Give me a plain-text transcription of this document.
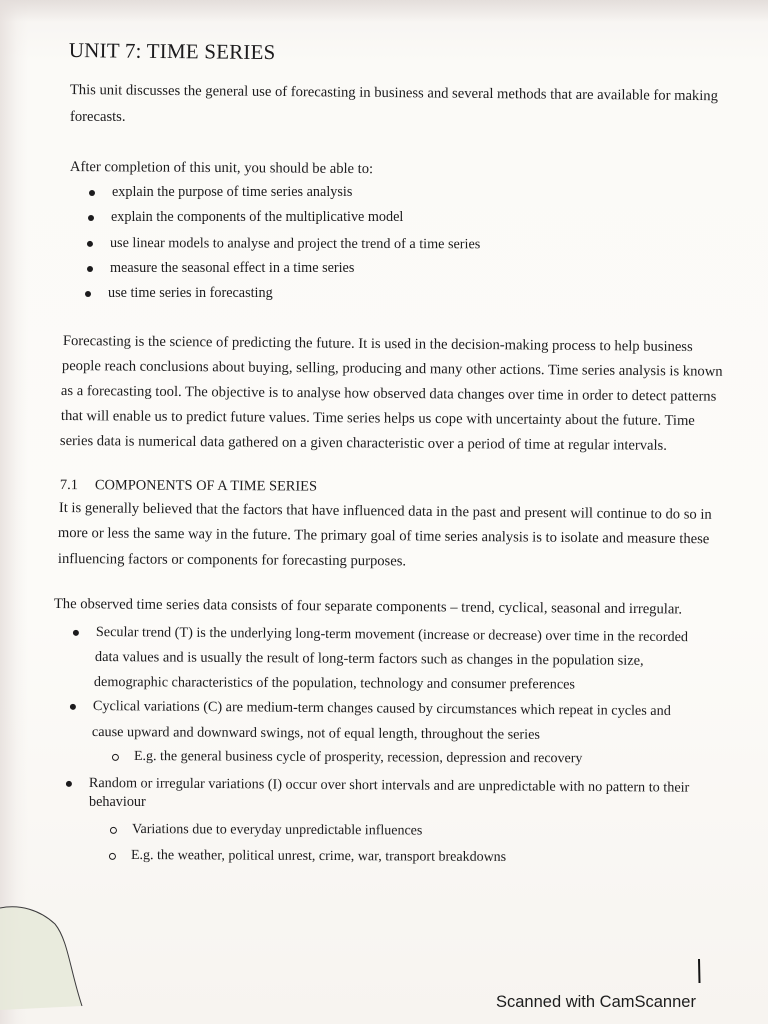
UNIT 7: TIME SERIES
This unit discusses the general use of forecasting in business and several methods that are available for making
forecasts.
After completion of this unit, you should be able to:
explain the purpose of time series analysis
explain the components of the multiplicative model
use linear models to analyse and project the trend of a time series
measure the seasonal effect in a time series
use time series in forecasting
Forecasting is the science of predicting the future. It is used in the decision-making process to help business
people reach conclusions about buying, selling, producing and many other actions. Time series analysis is known
as a forecasting tool. The objective is to analyse how observed data changes over time in order to detect patterns
that will enable us to predict future values. Time series helps us cope with uncertainty about the future. Time
series data is numerical data gathered on a given characteristic over a period of time at regular intervals.
7.1 COMPONENTS OF A TIME SERIES
It is generally believed that the factors that have influenced data in the past and present will continue to do so in
more or less the same way in the future. The primary goal of time series analysis is to isolate and measure these
influencing factors or components for forecasting purposes.
The observed time series data consists of four separate components – trend, cyclical, seasonal and irregular.
Secular trend (T) is the underlying long-term movement (increase or decrease) over time in the recorded
data values and is usually the result of long-term factors such as changes in the population size,
demographic characteristics of the population, technology and consumer preferences
Cyclical variations (C) are medium-term changes caused by circumstances which repeat in cycles and
cause upward and downward swings, not of equal length, throughout the series
E.g. the general business cycle of prosperity, recession, depression and recovery
Random or irregular variations (I) occur over short intervals and are unpredictable with no pattern to their
behaviour
Variations due to everyday unpredictable influences
E.g. the weather, political unrest, crime, war, transport breakdowns
Scanned with CamScanner
